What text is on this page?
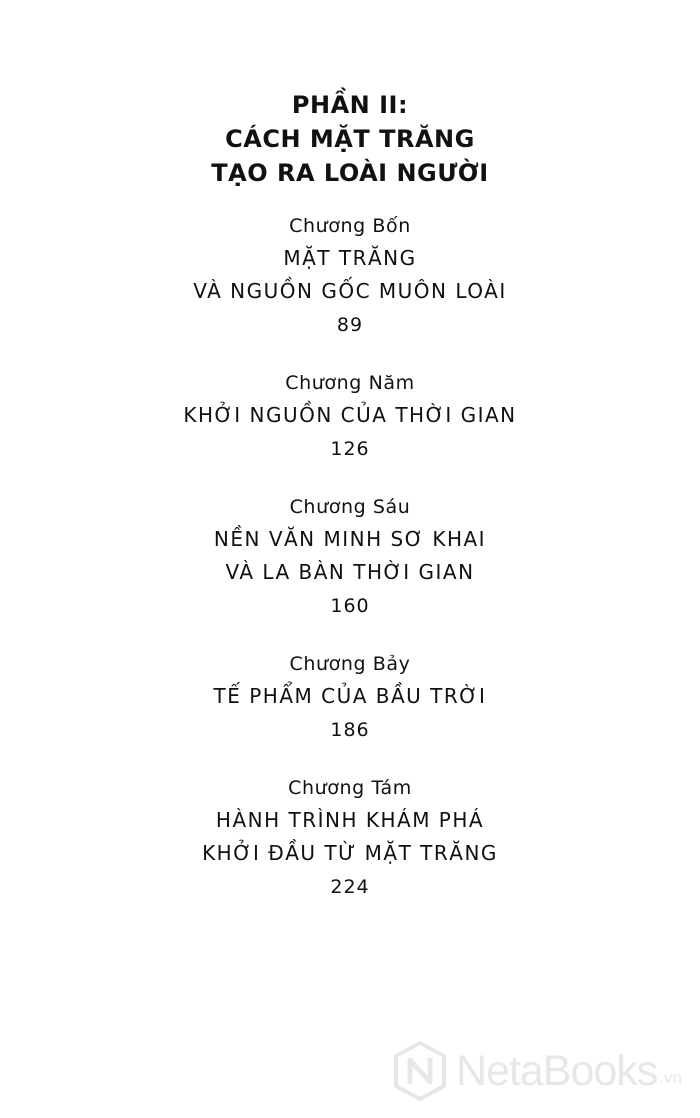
PHẦN II:
CÁCH MẶT TRĂNG
TẠO RA LOÀI NGƯỜI
Chương Bốn
MẶT TRĂNG
VÀ NGUỒN GỐC MUÔN LOÀI
89
Chương Năm
KHỞI NGUỒN CỦA THỜI GIAN
126
Chương Sáu
NỀN VĂN MINH SƠ KHAI
VÀ LA BÀN THỜI GIAN
160
Chương Bảy
TẾ PHẨM CỦA BẦU TRỜI
186
Chương Tám
HÀNH TRÌNH KHÁM PHÁ
KHỞI ĐẦU TỪ MẶT TRĂNG
224
NetaBooks .vn
